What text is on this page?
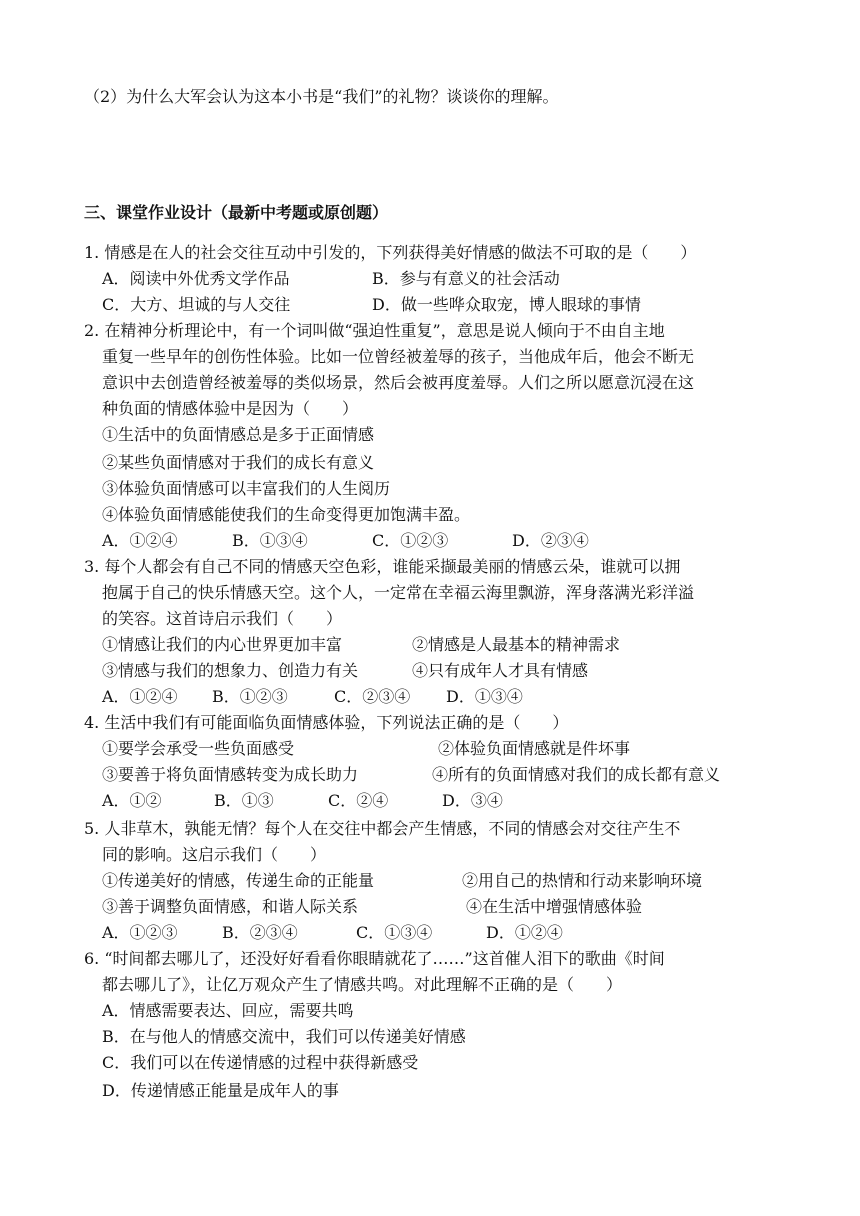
（2）为什么大军会认为这本小书是“我们”的礼物？谈谈你的理解。
三、课堂作业设计（最新中考题或原创题）
1. 情感是在人的社会交往互动中引发的，下列获得美好情感的做法不可取的是（　　）
A．阅读中外优秀文学作品	B．参与有意义的社会活动
C．大方、坦诚的与人交往	D．做一些哗众取宠，博人眼球的事情
2. 在精神分析理论中，有一个词叫做“强迫性重复”，意思是说人倾向于不由自主地
重复一些早年的创伤性体验。比如一位曾经被羞辱的孩子，当他成年后，他会不断无
意识中去创造曾经被羞辱的类似场景，然后会被再度羞辱。人们之所以愿意沉浸在这
种负面的情感体验中是因为（　　）
①生活中的负面情感总是多于正面情感
②某些负面情感对于我们的成长有意义
③体验负面情感可以丰富我们的人生阅历
④体验负面情感能使我们的生命变得更加饱满丰盈。
A．①②④	B．①③④	C．①②③	D．②③④
3. 每个人都会有自己不同的情感天空色彩，谁能采撷最美丽的情感云朵，谁就可以拥
抱属于自己的快乐情感天空。这个人，一定常在幸福云海里飘游，浑身落满光彩洋溢
的笑容。这首诗启示我们（　　）
①情感让我们的内心世界更加丰富	②情感是人最基本的精神需求
③情感与我们的想象力、创造力有关	④只有成年人才具有情感
A．①②④ B．①②③	C．②③④ D．①③④
4. 生活中我们有可能面临负面情感体验，下列说法正确的是（　　）
①要学会承受一些负面感受	②体验负面情感就是件坏事
③要善于将负面情感转变为成长助力	④所有的负面情感对我们的成长都有意义
A．①②	B．①③	C．②④	D．③④
5. 人非草木，孰能无情？每个人在交往中都会产生情感，不同的情感会对交往产生不
同的影响。这启示我们（　　）
①传递美好的情感，传递生命的正能量	②用自己的热情和行动来影响环境
③善于调整负面情感，和谐人际关系	④在生活中增强情感体验
A．①②③	B．②③④	C．①③④	D．①②④
6. “时间都去哪儿了，还没好好看看你眼睛就花了……”这首催人泪下的歌曲《时间
都去哪儿了》，让亿万观众产生了情感共鸣。对此理解不正确的是（　　）
A．情感需要表达、回应，需要共鸣
B．在与他人的情感交流中，我们可以传递美好情感
C．我们可以在传递情感的过程中获得新感受
D．传递情感正能量是成年人的事
